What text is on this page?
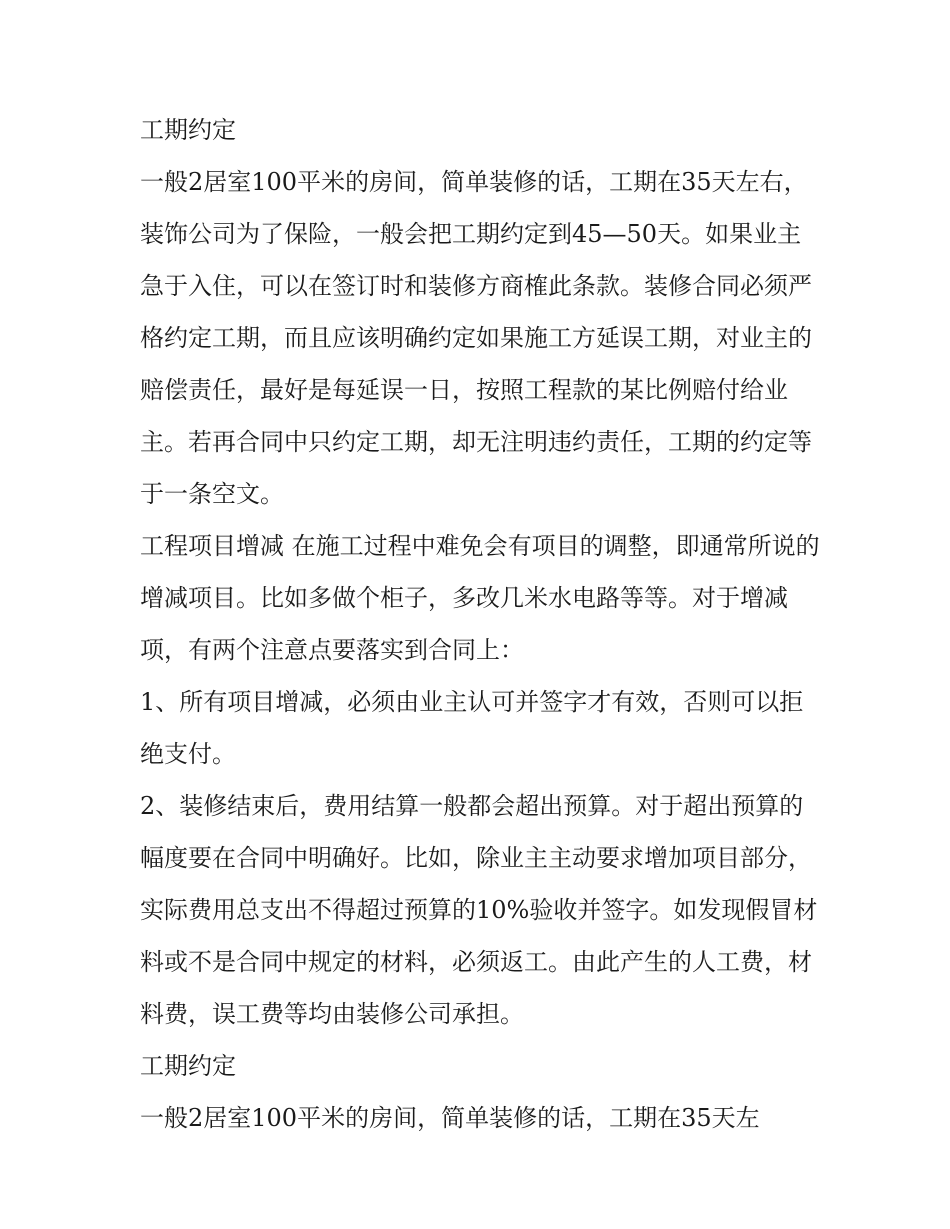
工期约定

一般2居室100平米的房间，简单装修的话，工期在35天左右，装饰公司为了保险，一般会把工期约定到45—50天。如果业主急于入住，可以在签订时和装修方商榷此条款。装修合同必须严格约定工期，而且应该明确约定如果施工方延误工期，对业主的赔偿责任，最好是每延误一日，按照工程款的某比例赔付给业主。若再合同中只约定工期，却无注明违约责任，工期的约定等于一条空文。

工程项目增减 在施工过程中难免会有项目的调整，即通常所说的增减项目。比如多做个柜子，多改几米水电路等等。对于增减项，有两个注意点要落实到合同上：

1、所有项目增减，必须由业主认可并签字才有效，否则可以拒绝支付。

2、装修结束后，费用结算一般都会超出预算。对于超出预算的幅度要在合同中明确好。比如，除业主主动要求增加项目部分，实际费用总支出不得超过预算的10%验收并签字。如发现假冒材料或不是合同中规定的材料，必须返工。由此产生的人工费，材料费，误工费等均由装修公司承担。

工期约定

一般2居室100平米的房间，简单装修的话，工期在35天左
